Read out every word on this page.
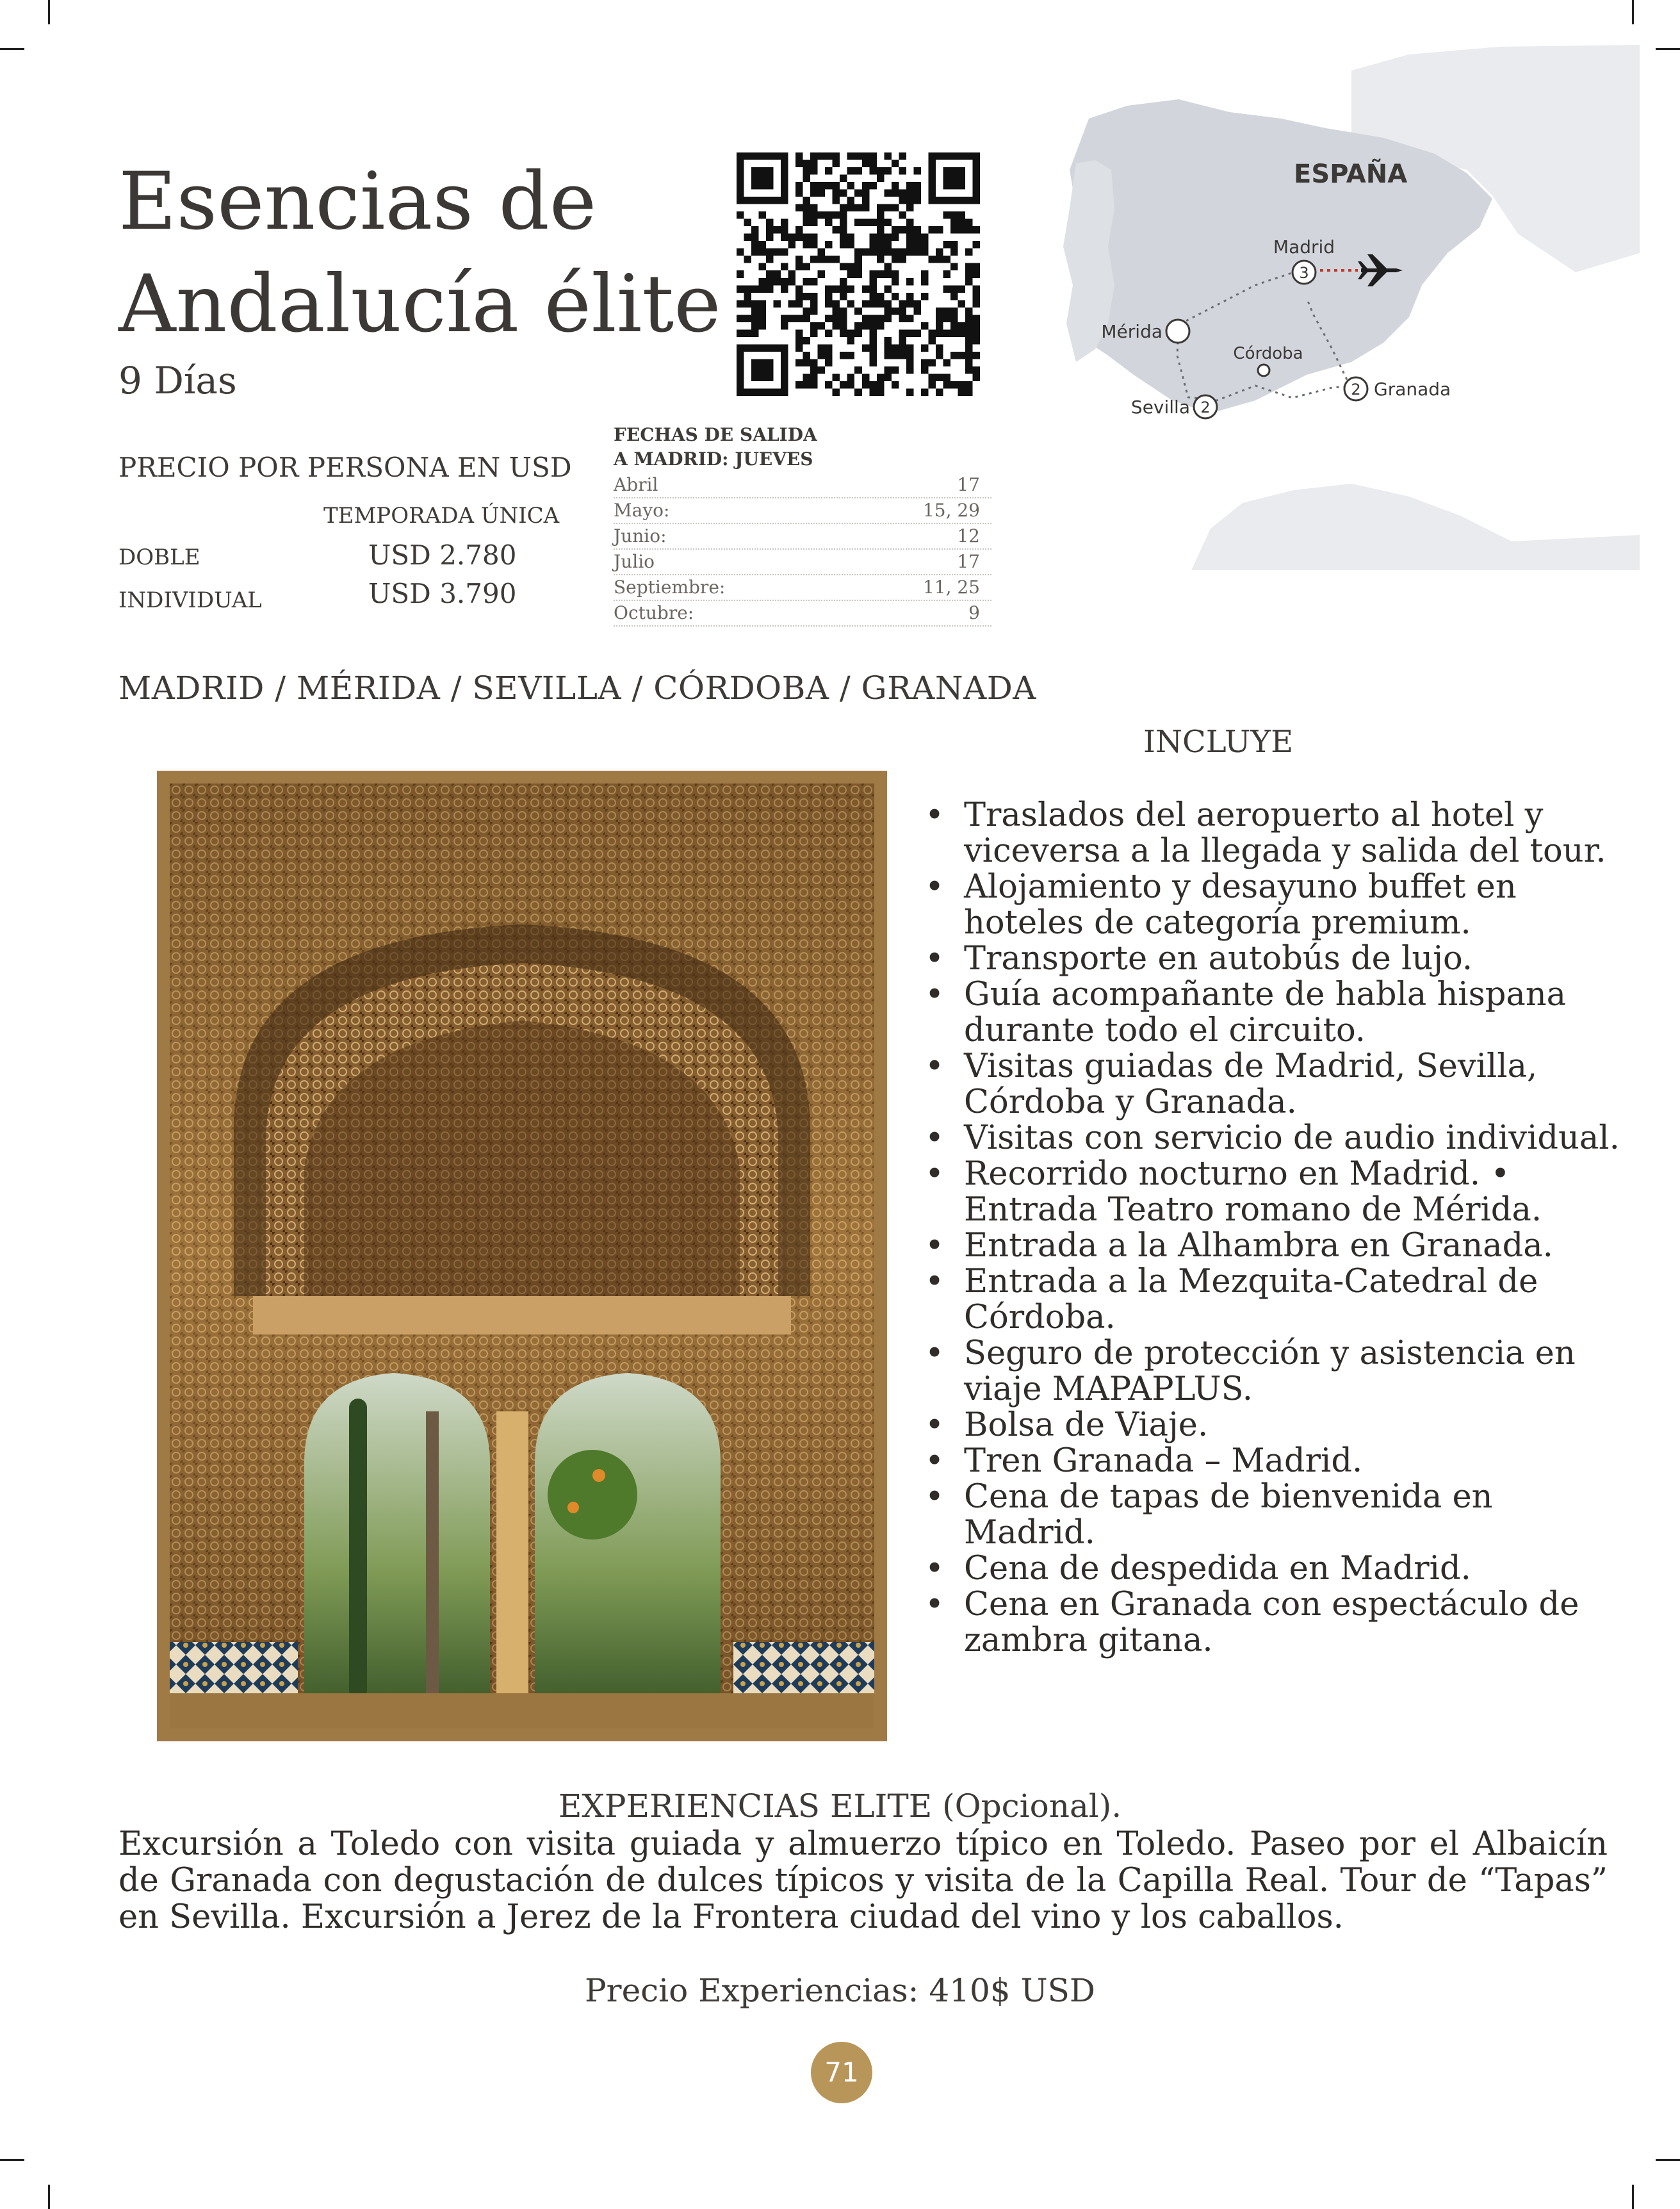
Esencias de
Andalucía élite
9 Días
PRECIO POR PERSONA EN USD
TEMPORADA ÚNICA
DOBLE	USD 2.780
INDIVIDUAL	USD 3.790
FECHAS DE SALIDA
A MADRID: JUEVES
Abril	17
Mayo:	15, 29
Junio:	12
Julio	17
Septiembre:	11, 25
Octubre:	9
ESPAÑA
Madrid
3
Mérida
Córdoba
Sevilla 2
2 Granada
MADRID / MÉRIDA / SEVILLA / CÓRDOBA / GRANADA
INCLUYE
• Traslados del aeropuerto al hotel y viceversa a la llegada y salida del tour.
• Alojamiento y desayuno buffet en hoteles de categoría premium.
• Transporte en autobús de lujo.
• Guía acompañante de habla hispana durante todo el circuito.
• Visitas guiadas de Madrid, Sevilla, Córdoba y Granada.
• Visitas con servicio de audio individual.
• Recorrido nocturno en Madrid. • Entrada Teatro romano de Mérida.
• Entrada a la Alhambra en Granada.
• Entrada a la Mezquita-Catedral de Córdoba.
• Seguro de protección y asistencia en viaje MAPAPLUS.
• Bolsa de Viaje.
• Tren Granada – Madrid.
• Cena de tapas de bienvenida en Madrid.
• Cena de despedida en Madrid.
• Cena en Granada con espectáculo de zambra gitana.
EXPERIENCIAS ELITE (Opcional).
Excursión a Toledo con visita guiada y almuerzo típico en Toledo. Paseo por el Albaicín de Granada con degustación de dulces típicos y visita de la Capilla Real. Tour de “Tapas” en Sevilla. Excursión a Jerez de la Frontera ciudad del vino y los caballos.
Precio Experiencias: 410$ USD
71
